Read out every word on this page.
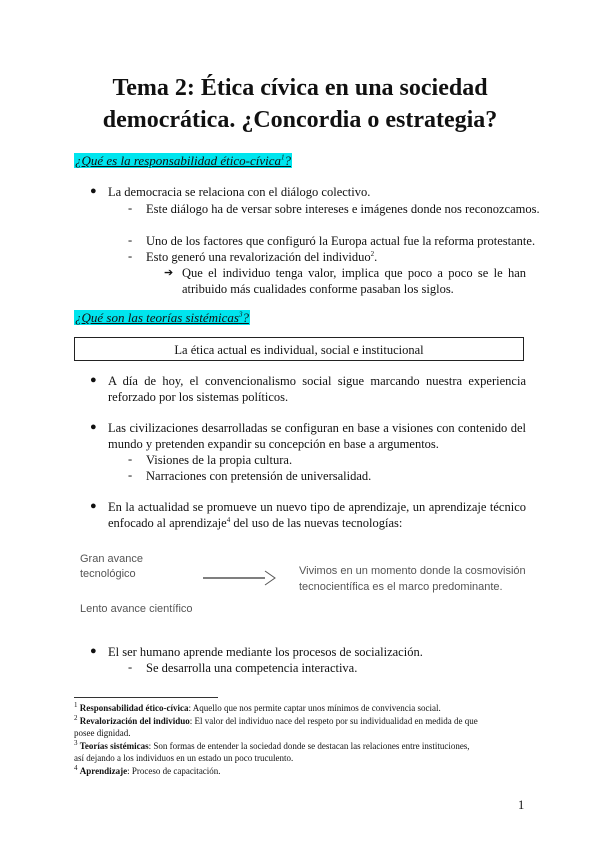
Tema 2: Ética cívica en una sociedad
democrática. ¿Concordia o estrategia?
¿Qué es la responsabilidad ético-cívica$^1$?
● La democracia se relaciona con el diálogo colectivo.
- Este diálogo ha de versar sobre intereses e imágenes donde nos reconozcamos.
- Uno de los factores que configuró la Europa actual fue la reforma protestante.
- Esto generó una revalorización del individuo$^2$.
➔ Que el individuo tenga valor, implica que poco a poco se le han
atribuido más cualidades conforme pasaban los siglos.
¿Qué son las teorías sistémicas$^3$?
La ética actual es individual, social e institucional
● A día de hoy, el convencionalismo social sigue marcando nuestra experiencia
reforzado por los sistemas políticos.
● Las civilizaciones desarrolladas se configuran en base a visiones con contenido del
mundo y pretenden expandir su concepción en base a argumentos.
- Visiones de la propia cultura.
- Narraciones con pretensión de universalidad.
● En la actualidad se promueve un nuevo tipo de aprendizaje, un aprendizaje técnico
enfocado al aprendizaje$^4$ del uso de las nuevas tecnologías:
Gran avance
tecnológico	Vivimos en un momento donde la cosmovisión
tecnocientífica es el marco predominante.
Lento avance científico
● El ser humano aprende mediante los procesos de socialización.
- Se desarrolla una competencia interactiva.
$^1$ Responsabilidad ético-cívica: Aquello que nos permite captar unos mínimos de convivencia social.
$^2$ Revalorización del individuo: El valor del individuo nace del respeto por su individualidad en medida de que
posee dignidad.
$^3$ Teorías sistémicas: Son formas de entender la sociedad donde se destacan las relaciones entre instituciones,
así dejando a los individuos en un estado un poco truculento.
$^4$ Aprendizaje: Proceso de capacitación.
1
